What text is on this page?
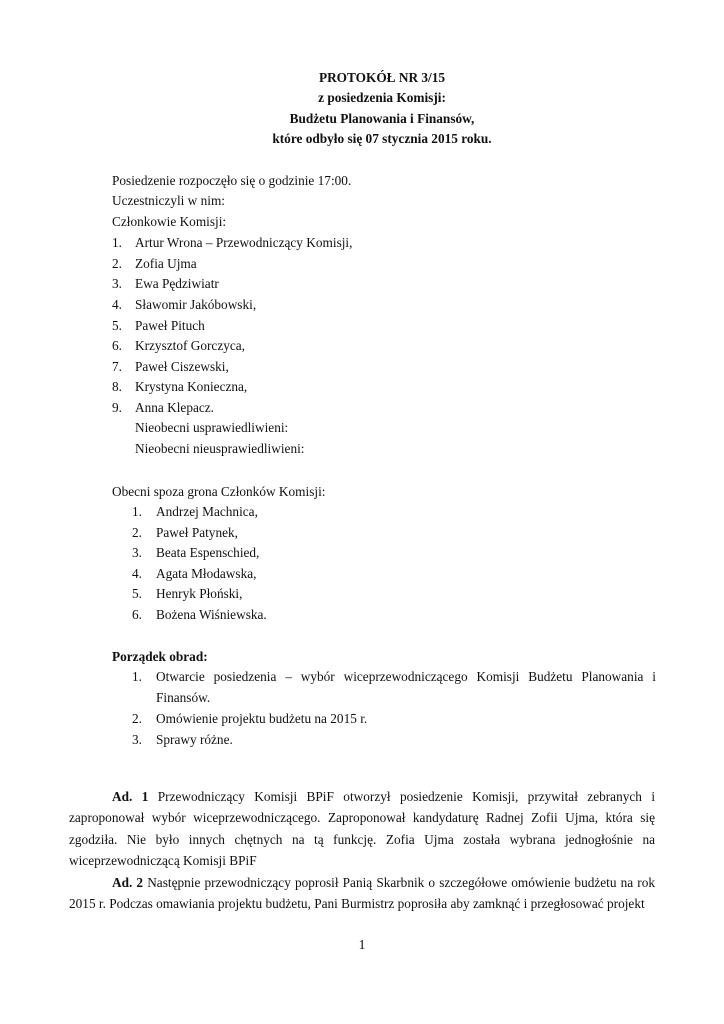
PROTOKÓŁ NR 3/15
z posiedzenia Komisji:
Budżetu Planowania i Finansów,
które odbyło się 07 stycznia 2015 roku.
Posiedzenie rozpoczęło się o godzinie 17:00.
Uczestniczyli w nim:
Członkowie Komisji:
1. Artur Wrona – Przewodniczący Komisji,
2. Zofia Ujma
3. Ewa Pędziwiatr
4. Sławomir Jakóbowski,
5. Paweł Pituch
6. Krzysztof Gorczyca,
7. Paweł Ciszewski,
8. Krystyna Konieczna,
9. Anna Klepacz.
Nieobecni usprawiedliwieni:
Nieobecni nieusprawiedliwieni:
Obecni spoza grona Członków Komisji:
1. Andrzej Machnica,
2. Paweł Patynek,
3. Beata Espenschied,
4. Agata Młodawska,
5. Henryk Płoński,
6. Bożena Wiśniewska.
Porządek obrad:
1. Otwarcie posiedzenia – wybór wiceprzewodniczącego Komisji Budżetu Planowania i
Finansów.
2. Omówienie projektu budżetu na 2015 r.
3. Sprawy różne.

Ad. 1 Przewodniczący Komisji BPiF otworzył posiedzenie Komisji, przywitał zebranych i zaproponował wybór wiceprzewodniczącego. Zaproponował kandydaturę Radnej Zofii Ujma, która się zgodziła. Nie było innych chętnych na tą funkcję. Zofia Ujma została wybrana jednogłośnie na wiceprzewodniczącą Komisji BPiF

Ad. 2 Następnie przewodniczący poprosił Panią Skarbnik o szczegółowe omówienie budżetu na rok 2015 r. Podczas omawiania projektu budżetu, Pani Burmistrz poprosiła aby zamknąć i przegłosować projekt

1
